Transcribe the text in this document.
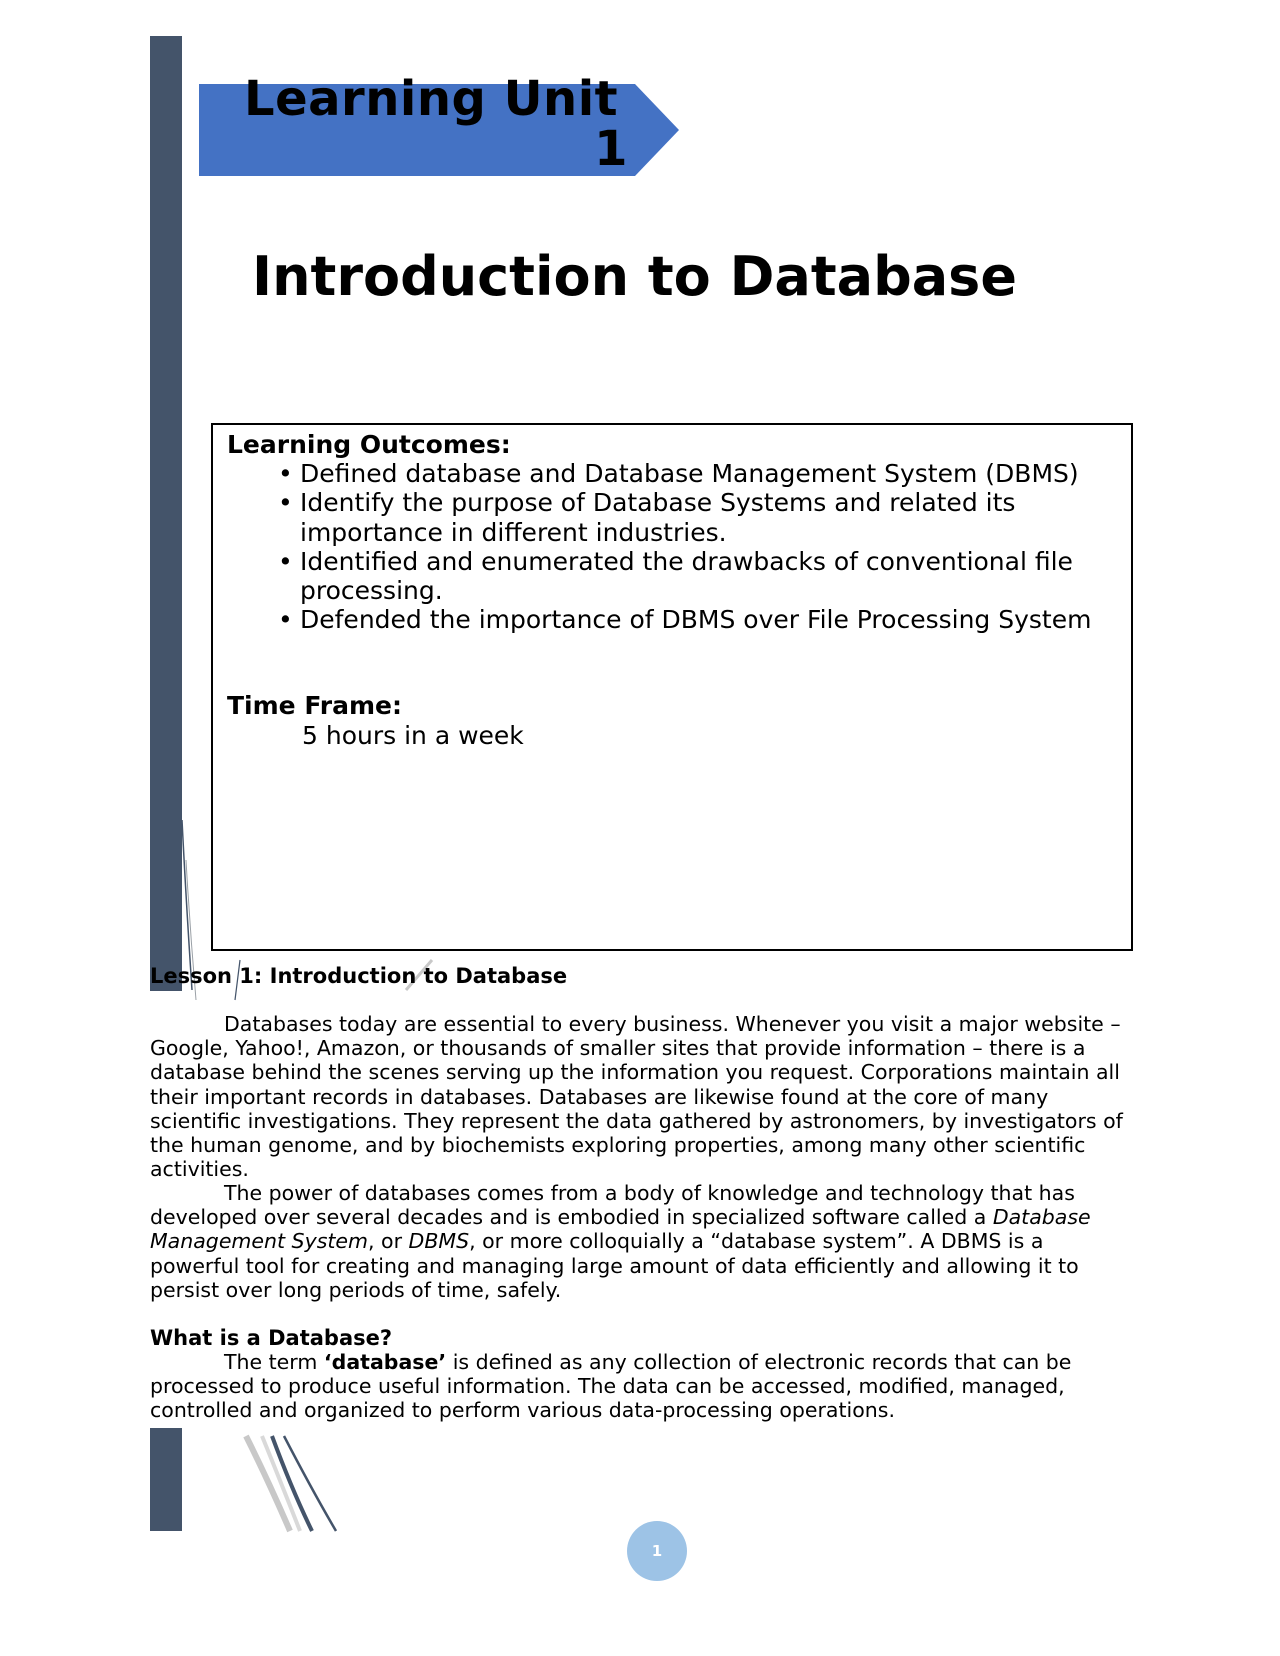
Learning Unit
1
Introduction to Database
Learning Outcomes:
• Defined database and Database Management System (DBMS)
• Identify the purpose of Database Systems and related its importance in different industries.
• Identified and enumerated the drawbacks of conventional file processing.
• Defended the importance of DBMS over File Processing System
Time Frame:
5 hours in a week
Lesson 1: Introduction to Database

Databases today are essential to every business. Whenever you visit a major website – Google, Yahoo!, Amazon, or thousands of smaller sites that provide information – there is a database behind the scenes serving up the information you request. Corporations maintain all their important records in databases. Databases are likewise found at the core of many scientific investigations. They represent the data gathered by astronomers, by investigators of the human genome, and by biochemists exploring properties, among many other scientific activities.

The power of databases comes from a body of knowledge and technology that has developed over several decades and is embodied in specialized software called a Database Management System, or DBMS, or more colloquially a “database system”. A DBMS is a powerful tool for creating and managing large amount of data efficiently and allowing it to persist over long periods of time, safely.

What is a Database?

The term ‘database’ is defined as any collection of electronic records that can be processed to produce useful information. The data can be accessed, modified, managed, controlled and organized to perform various data-processing operations.

1
